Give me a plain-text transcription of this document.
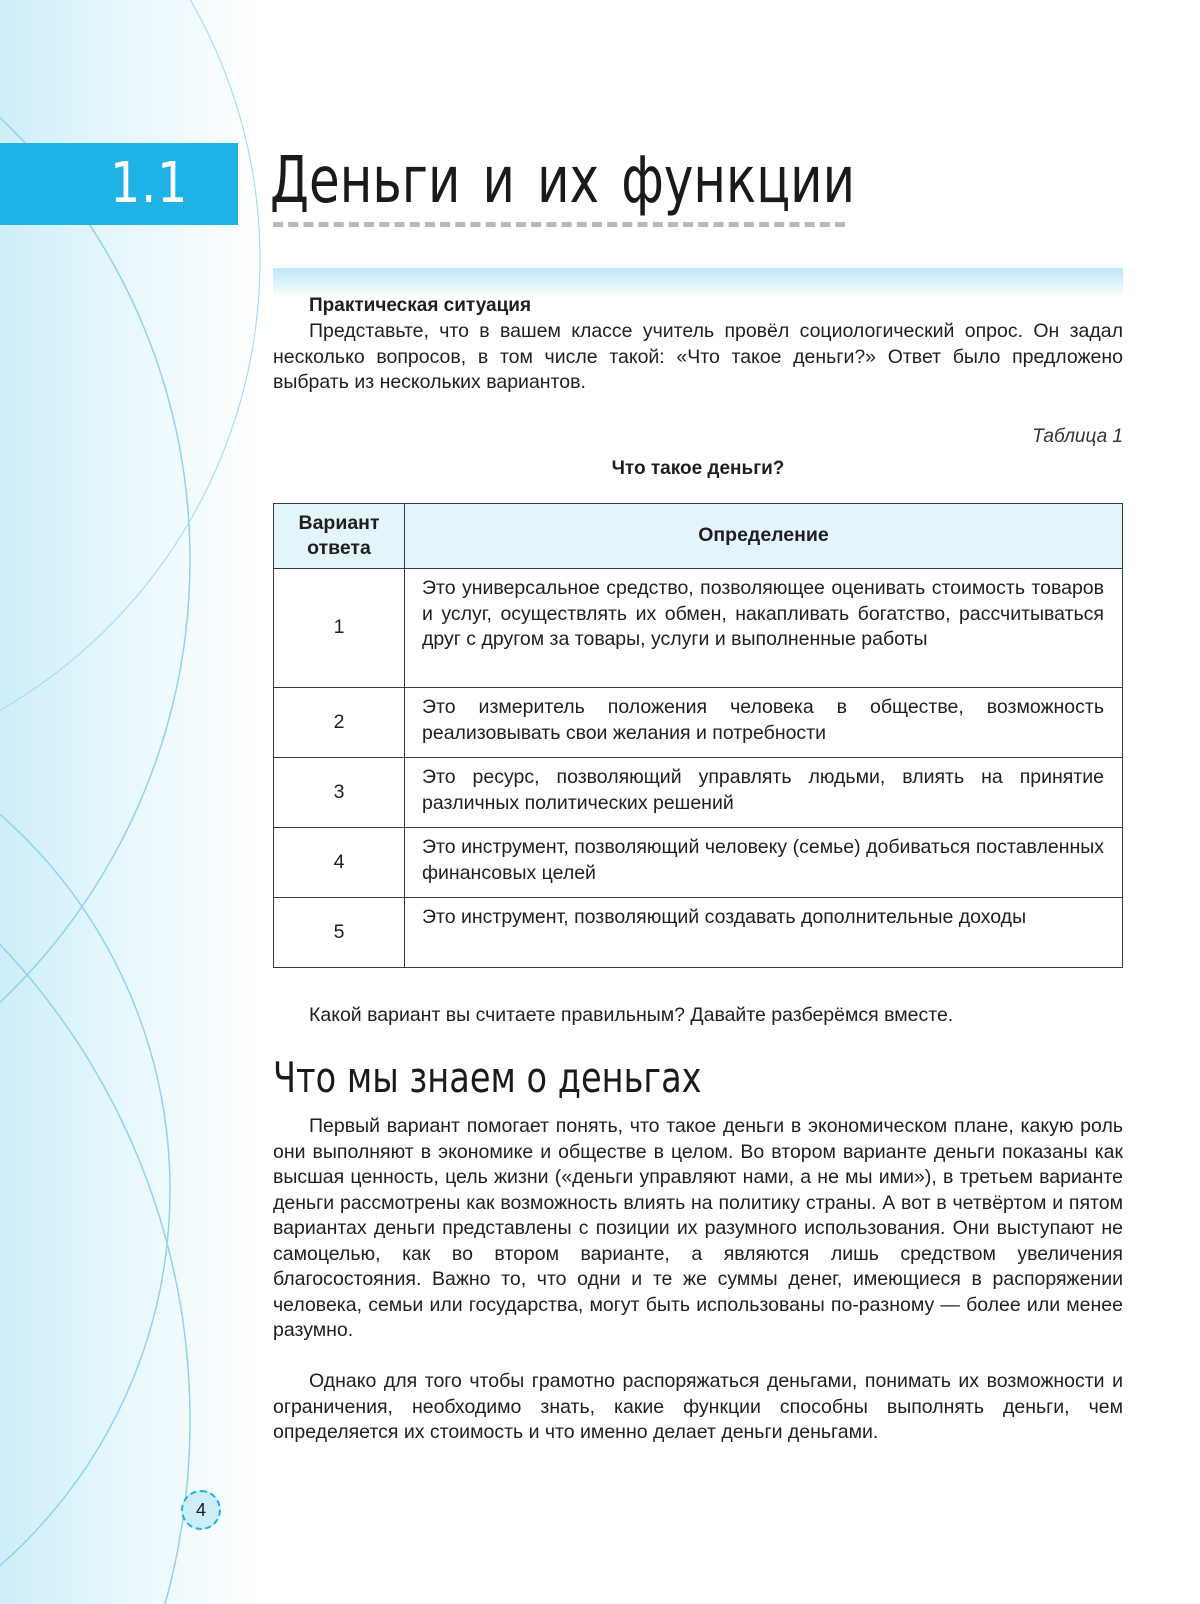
1.1 Деньги и их функции
Практическая ситуация
Представьте, что в вашем классе учитель провёл социологический опрос. Он задал несколько вопросов, в том числе такой: «Что такое деньги?» Ответ было предложено выбрать из нескольких вариантов.
Таблица 1
Что такое деньги?
Вариант ответа	Определение
1	Это универсальное средство, позволяющее оценивать стоимость товаров и услуг, осуществлять их обмен, накапливать богатство, рассчитываться друг с другом за товары, услуги и выполненные работы
2	Это измеритель положения человека в обществе, возможность реализовывать свои желания и потребности
3	Это ресурс, позволяющий управлять людьми, влиять на принятие различных политических решений
4	Это инструмент, позволяющий человеку (семье) добиваться поставленных финансовых целей
5	Это инструмент, позволяющий создавать дополнительные доходы
Какой вариант вы считаете правильным? Давайте разберёмся вместе.
Что мы знаем о деньгах
Первый вариант помогает понять, что такое деньги в экономическом плане, какую роль они выполняют в экономике и обществе в целом. Во втором варианте деньги показаны как высшая ценность, цель жизни («деньги управляют нами, а не мы ими»), в третьем варианте деньги рассмотрены как возможность влиять на политику страны. А вот в четвёртом и пятом вариантах деньги представлены с позиции их разумного использования. Они выступают не самоцелью, как во втором варианте, а являются лишь средством увеличения благосостояния. Важно то, что одни и те же суммы денег, имеющиеся в распоряжении человека, семьи или государства, могут быть использованы по-разному — более или менее разумно.
Однако для того чтобы грамотно распоряжаться деньгами, понимать их возможности и ограничения, необходимо знать, какие функции способны выполнять деньги, чем определяется их стоимость и что именно делает деньги деньгами.
4
